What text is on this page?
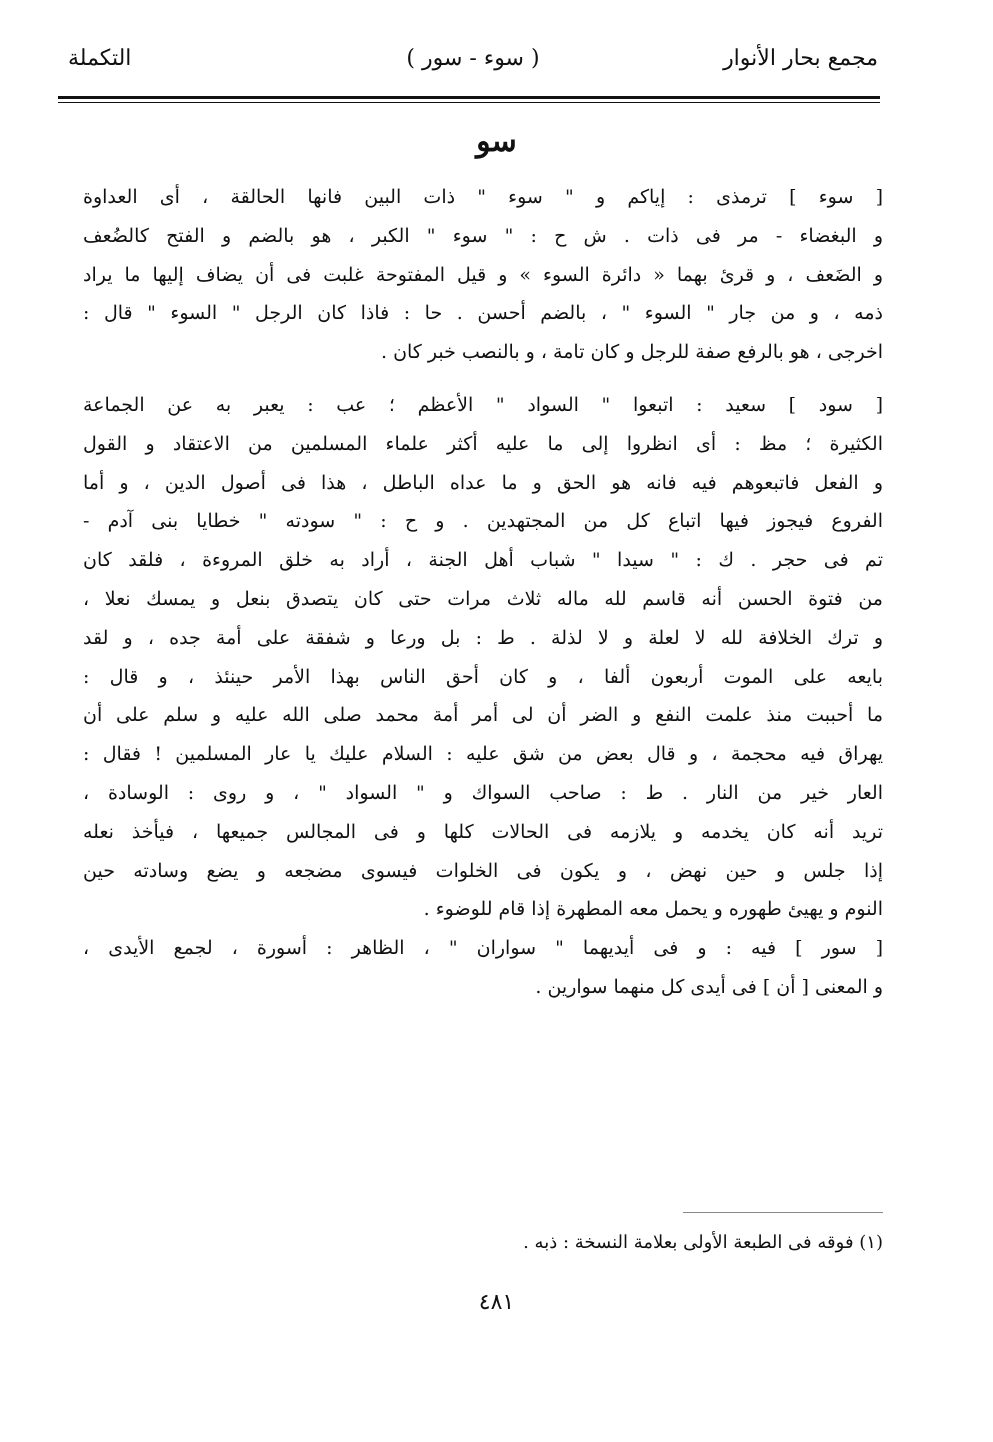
مجمع بحار الأنوار
( سوء - سور )
التكملة
سو
[ سوء ] ترمذى : إياكم و " سوء " ذات البين فانها الحالقة ، أى العداوة
و البغضاء - مر فى ذات . ش ح : " سوء " الكبر ، هو بالضم و الفتح كالضُعف
و الضَعف ، و قرئ بهما « دائرة السوء » و قيل المفتوحة غلبت فى أن يضاف إليها ما يراد
ذمه ، و من جار " السوء " ، بالضم أحسن . حا : فاذا كان الرجل " السوء " قال :
اخرجى ، هو بالرفع صفة للرجل و كان تامة ، و بالنصب خبر كان .
[ سود ] سعيد : اتبعوا " السواد " الأعظم ؛ عب : يعبر به عن الجماعة
الكثيرة ؛ مظ : أى انظروا إلى ما عليه أكثر علماء المسلمين من الاعتقاد و القول
و الفعل فاتبعوهم فيه فانه هو الحق و ما عداه الباطل ، هذا فى أصول الدين ، و أما
الفروع فيجوز فيها اتباع كل من المجتهدين . و ح : " سودته " خطايا بنى آدم -
تم فى حجر . ك : " سيدا " شباب أهل الجنة ، أراد به خلق المروءة ، فلقد كان
من فتوة الحسن أنه قاسم لله ماله ثلاث مرات حتى كان يتصدق بنعل و يمسك نعلا ،
و ترك الخلافة لله لا لعلة و لا لذلة . ط : بل ورعا و شفقة على أمة جده ، و لقد
بايعه على الموت أربعون ألفا ، و كان أحق الناس بهذا الأمر حينئذ ، و قال :
ما أحببت منذ علمت النفع و الضر أن لى أمر أمة محمد صلى الله عليه و سلم على أن
يهراق فيه محجمة ، و قال بعض من شق عليه : السلام عليك يا عار المسلمين ! فقال :
العار خير من النار . ط : صاحب السواك و " السواد " ، و روى : الوسادة ،
تريد أنه كان يخدمه و يلازمه فى الحالات كلها و فى المجالس جميعها ، فيأخذ نعله
إذا جلس و حين نهض ، و يكون فى الخلوات فيسوى مضجعه و يضع وسادته حين
النوم و يهيئ طهوره و يحمل معه المطهرة إذا قام للوضوء .
[ سور ] فيه : و فى أيديهما " سواران " ، الظاهر : أسورة ، لجمع الأيدى ،
و المعنى [ أن ] فى أيدى كل منهما سوارين .
(١) فوقه فى الطبعة الأولى بعلامة النسخة : ذبه .
٤٨١
